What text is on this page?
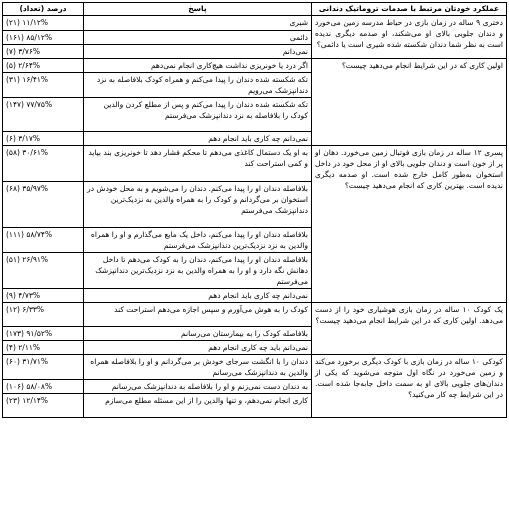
عملکرد خودتان مرتبط با صدمات تروماتیک دندانی	پاسخ	درصد (تعداد)
دختری ۹ ساله در زمان بازی در حیاط مدرسه زمین می‌خورد و دندان جلویی بالای او می‌شکند، او صدمه دیگری ندیده است به نظر شما دندان شکسته شده شیری است یا دائمی؟	شیری	(۲۱) ۱۱/۱۲%
	دائمی	(۱۶۱) ۸۵/۱۲%
	نمی‌دانم	(۷) ۳/۷۶%
اولین کاری که در این شرایط انجام می‌دهید چیست؟	اگر درد یا خونریزی نداشت هیچ‌کاری انجام نمی‌دهم	(۵) ۲/۶۴%
	تکه شکسته شده دندان را پیدا می‌کنم و همراه کودک بلافاصله به نزد دندانپزشک می‌رویم	(۳۱) ۱۶/۴۱%
	تکه شکسته شده دندان را پیدا می‌کنم و پس از مطلع کردن والدین کودک را بلافاصله به نزد دندانپزشک می‌فرستم	(۱۴۷) ۷۷/۷۵%
	نمی‌دانم چه کاری باید انجام دهم	(۶) ۳/۱۷%
پسری ۱۲ ساله در زمان بازی فوتبال زمین می‌خورد. دهان او پر از خون است و دندان جلویی بالای او از محل خود در داخل استخوان به‌طور کامل خارج شده است. او صدمه دیگری ندیده است. بهترین کاری که انجام می‌دهید چیست؟	به او یک دستمال کاغذی می‌دهم تا محکم فشار دهد تا خونریزی بند بیاید و کمی استراحت کند	(۵۸) ۳۰/۶۱%
	بلافاصله دندان او را پیدا می‌کنم. دندان را می‌شویم و به محل خودش در استخوان بر می‌گردانم و کودک را به همراه والدین به نزدیک‌ترین دندانپزشک می‌فرستم	(۶۸) ۳۵/۹۷%
	بلافاصله دندان او را پیدا می‌کنم، داخل یک مایع می‌گذارم و او را همراه والدین به نزد نزدیک‌ترین دندانپزشک می‌فرستم	(۱۱۱) ۵۸/۷۴%
	بلافاصله دندان او را پیدا می‌کنم، دندان را به کودک می‌دهم تا داخل دهانش نگه دارد و او را به همراه والدین به نزد نزدیک‌ترین دندانپزشک می‌فرستم	(۵۱) ۲۶/۹۱%
	نمی‌دانم چه کاری باید انجام دهم	(۹) ۴/۷۳%
یک کودک ۱۰ ساله در زمان بازی هوشیاری خود را از دست می‌دهد. اولین کاری که در این شرایط انجام می‌دهید چیست؟	کودک را به هوش می‌آورم و سپس اجازه می‌دهم استراحت کند	(۱۲) ۶/۳۳%
	بلافاصله کودک را به بیمارستان می‌رسانم	(۱۷۳) ۹۱/۵۲%
	نمی‌دانم باید چه کاری انجام دهم	(۴) ۲/۱۱%
کودکی ۱۰ ساله در زمان بازی با کودک دیگری برخورد می‌کند و زمین می‌خورد در نگاه اول متوجه می‌شوید که یکی از دندان‌های جلویی بالای او به سمت داخل جابه‌جا شده است. در این شرایط چه کار می‌کنید؟	دندان را با انگشت سرجای خودش بر می‌گردانم و او را بلافاصله همراه والدین به دندانپزشک می‌رسانم	(۶۰) ۳۱/۷۱%
	به دندان دست نمی‌زنم و او را بلافاصله به دندانپزشک می‌رسانم	(۱۰۶) ۵۸/۰۸%
	کاری انجام نمی‌دهم، و تنها والدین را از این مسئله مطلع می‌سازم	(۲۳) ۱۲/۱۴%
